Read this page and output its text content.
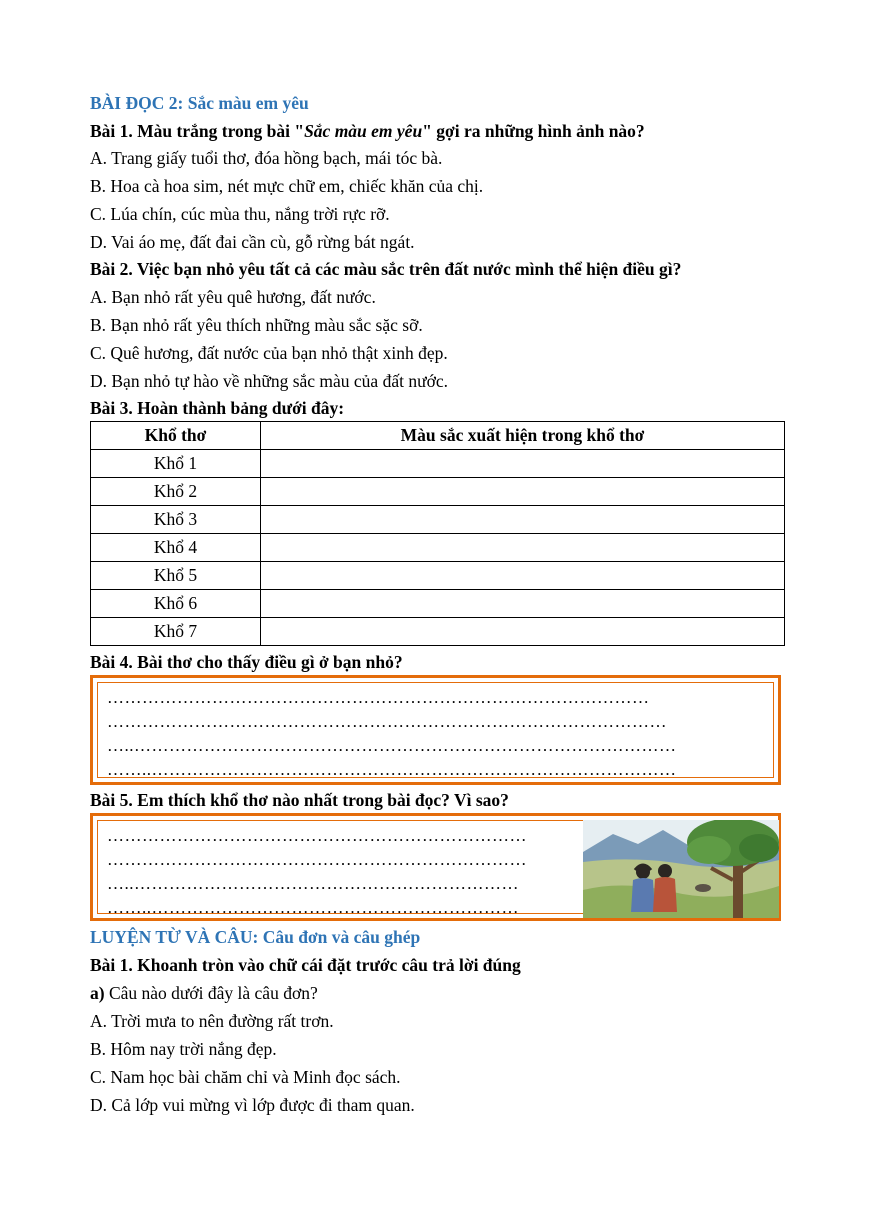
BÀI ĐỌC 2: Sắc màu em yêu
Bài 1. Màu trắng trong bài "Sắc màu em yêu" gợi ra những hình ảnh nào?
A. Trang giấy tuổi thơ, đóa hồng bạch, mái tóc bà.
B. Hoa cà hoa sim, nét mực chữ em, chiếc khăn của chị.
C. Lúa chín, cúc mùa thu, nắng trời rực rỡ.
D. Vai áo mẹ, đất đai cần cù, gỗ rừng bát ngát.
Bài 2. Việc bạn nhỏ yêu tất cả các màu sắc trên đất nước mình thể hiện điều gì?
A. Bạn nhỏ rất yêu quê hương, đất nước.
B. Bạn nhỏ rất yêu thích những màu sắc sặc sỡ.
C. Quê hương, đất nước của bạn nhỏ thật xinh đẹp.
D. Bạn nhỏ tự hào về những sắc màu của đất nước.
Bài 3. Hoàn thành bảng dưới đây:
Khổ thơ	Màu sắc xuất hiện trong khổ thơ
Khổ 1	
Khổ 2	
Khổ 3	
Khổ 4	
Khổ 5	
Khổ 6	
Khổ 7	
Bài 4. Bài thơ cho thấy điều gì ở bạn nhỏ?
…………………………………………………………………………………
……………………………………………………………………………………
…..…………………………………………………………………………………
……..………………………………………………………………………………
Bài 5. Em thích khổ thơ nào nhất trong bài đọc? Vì sao?
………………………………………………………………
………………………………………………………………
…..…………………………………………………………
……..………………………………………………………
LUYỆN TỪ VÀ CÂU: Câu đơn và câu ghép
Bài 1. Khoanh tròn vào chữ cái đặt trước câu trả lời đúng
a) Câu nào dưới đây là câu đơn?
A. Trời mưa to nên đường rất trơn.
B. Hôm nay trời nắng đẹp.
C. Nam học bài chăm chỉ và Minh đọc sách.
D. Cả lớp vui mừng vì lớp được đi tham quan.
